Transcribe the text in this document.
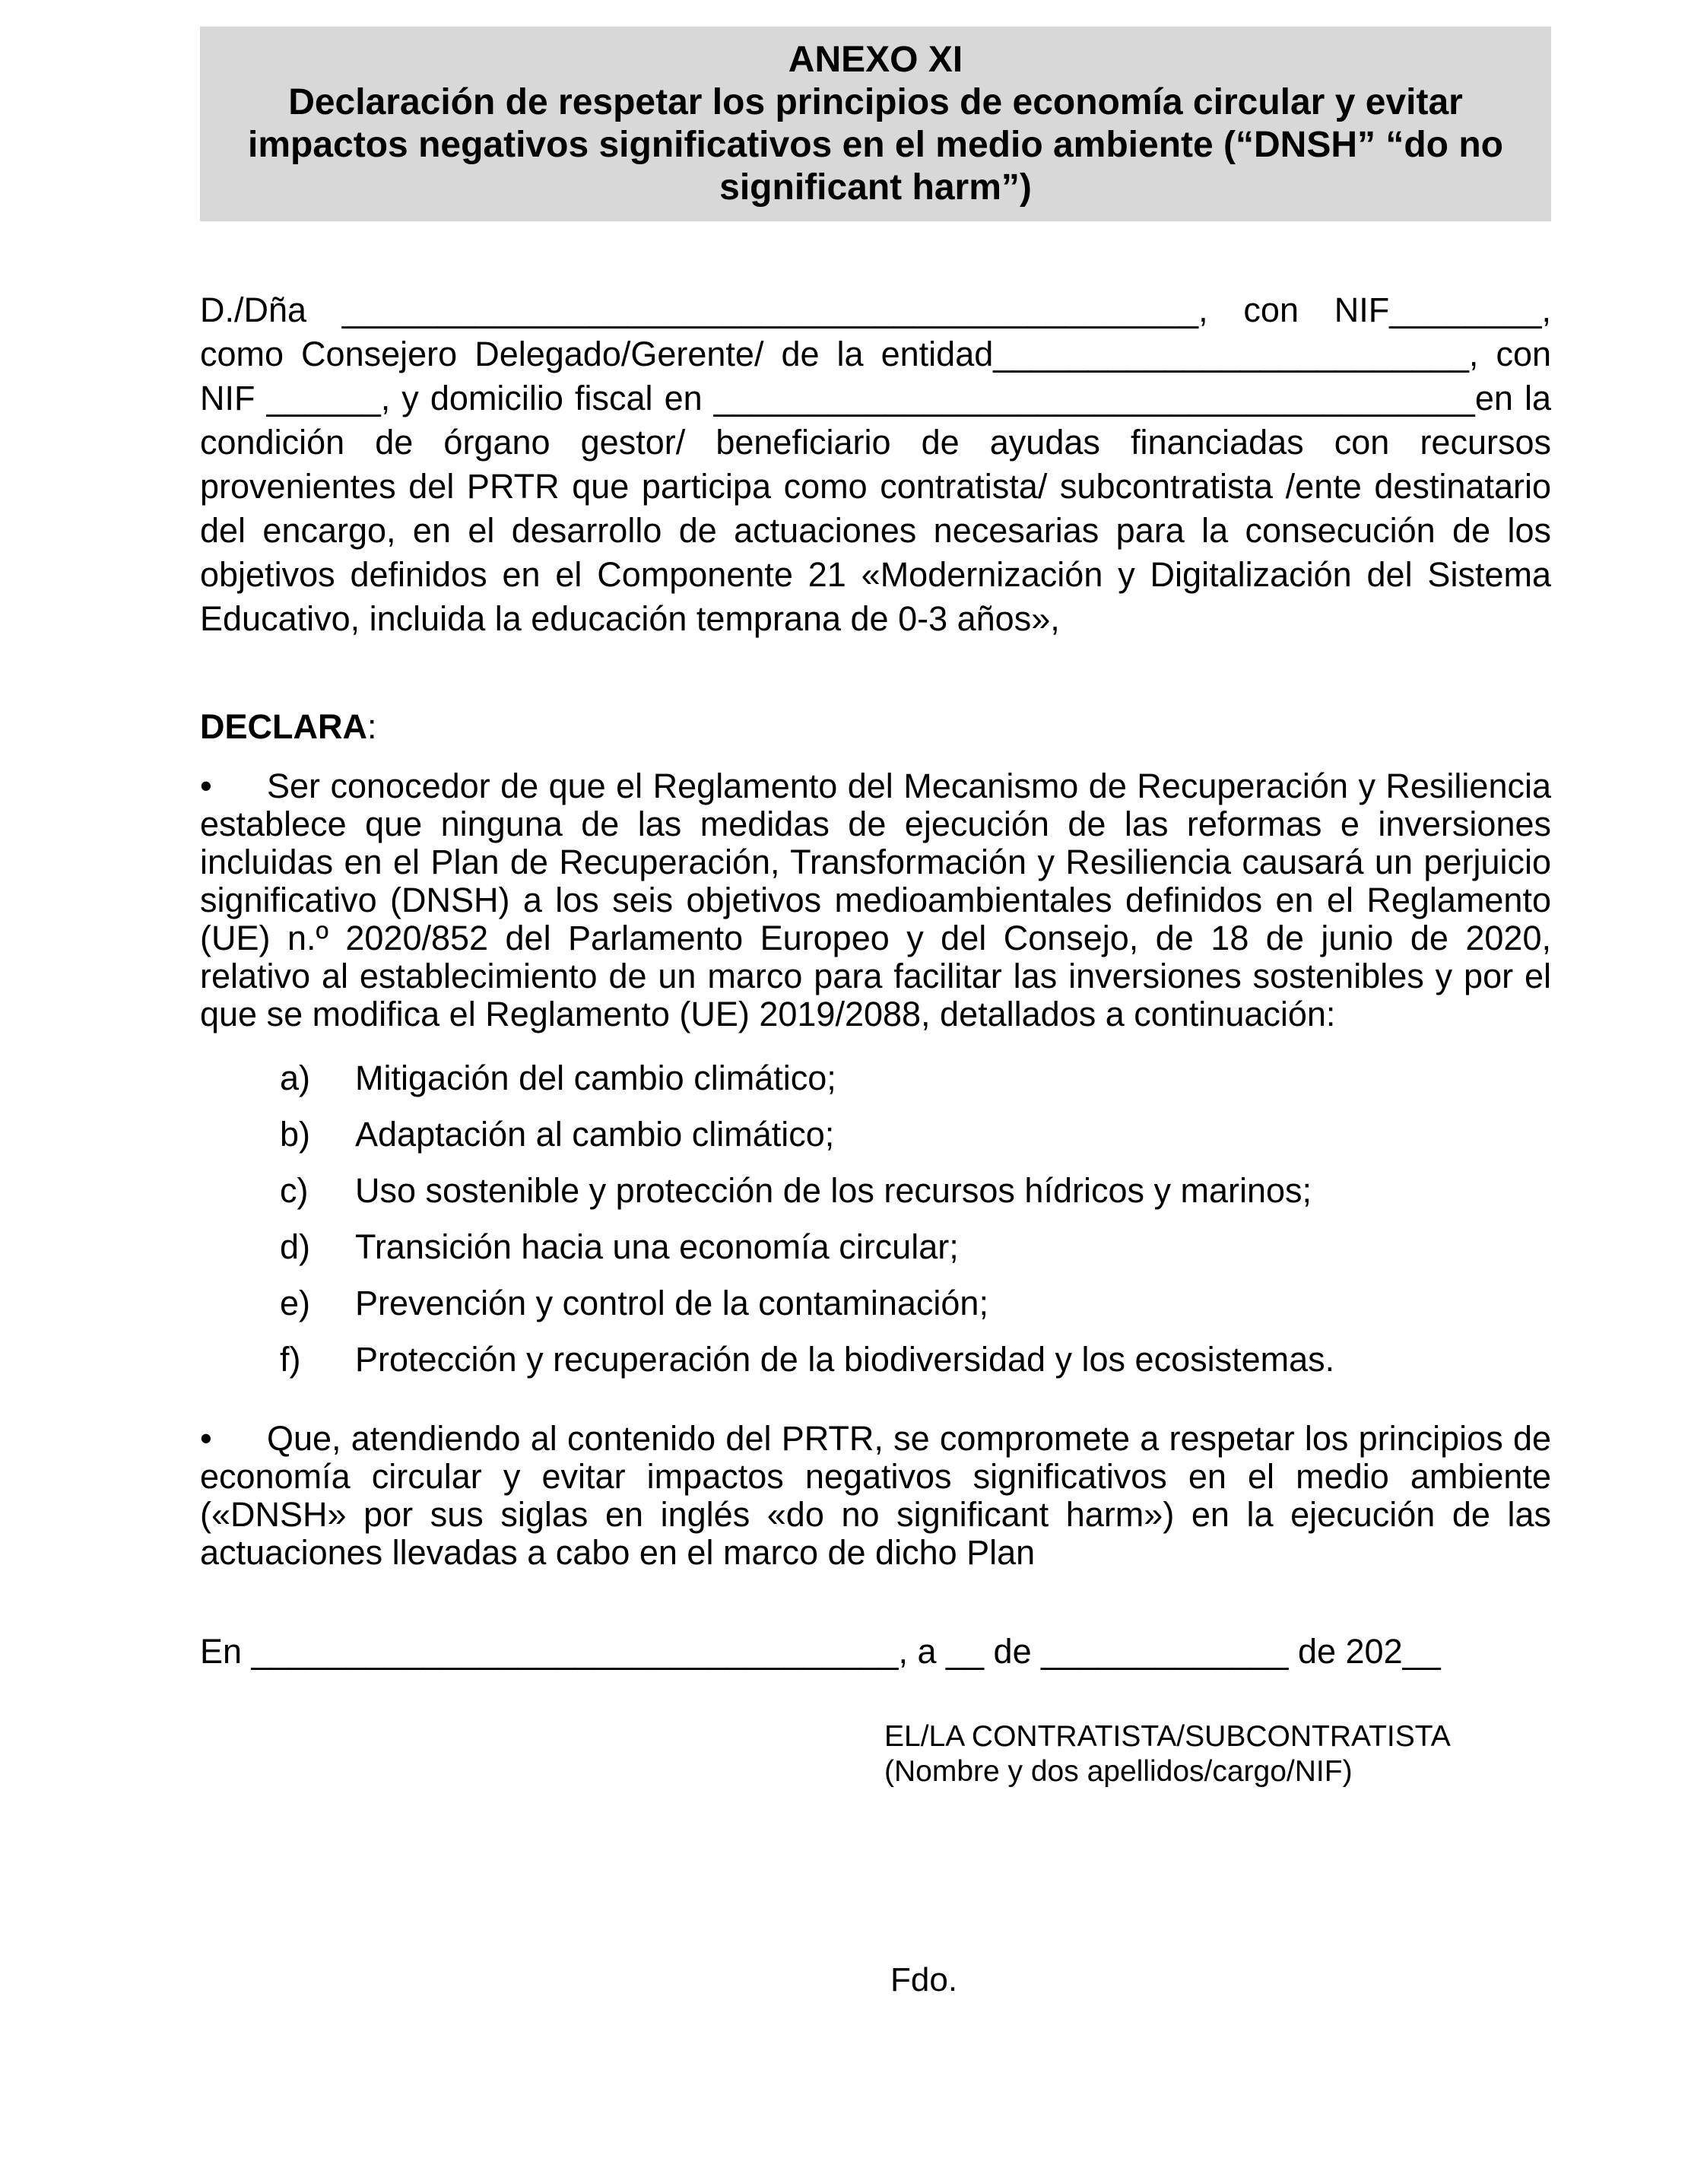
ANEXO XI
Declaración de respetar los principios de economía circular y evitar impactos negativos significativos en el medio ambiente (“DNSH” “do no significant harm”)

D./Dña _____________________________________________, con NIF________, como Consejero Delegado/Gerente/ de la entidad_________________________, con NIF ______, y domicilio fiscal en ________________________________________en la condición de órgano gestor/ beneficiario de ayudas financiadas con recursos provenientes del PRTR que participa como contratista/ subcontratista /ente destinatario del encargo, en el desarrollo de actuaciones necesarias para la consecución de los objetivos definidos en el Componente 21 «Modernización y Digitalización del Sistema Educativo, incluida la educación temprana de 0-3 años»,

DECLARA:
• Ser conocedor de que el Reglamento del Mecanismo de Recuperación y Resiliencia establece que ninguna de las medidas de ejecución de las reformas e inversiones incluidas en el Plan de Recuperación, Transformación y Resiliencia causará un perjuicio significativo (DNSH) a los seis objetivos medioambientales definidos en el Reglamento (UE) n.º 2020/852 del Parlamento Europeo y del Consejo, de 18 de junio de 2020, relativo al establecimiento de un marco para facilitar las inversiones sostenibles y por el que se modifica el Reglamento (UE) 2019/2088, detallados a continuación:
a) Mitigación del cambio climático;
b) Adaptación al cambio climático;
c) Uso sostenible y protección de los recursos hídricos y marinos;
d) Transición hacia una economía circular;
e) Prevención y control de la contaminación;
f) Protección y recuperación de la biodiversidad y los ecosistemas.
• Que, atendiendo al contenido del PRTR, se compromete a respetar los principios de economía circular y evitar impactos negativos significativos en el medio ambiente («DNSH» por sus siglas en inglés «do no significant harm») en la ejecución de las actuaciones llevadas a cabo en el marco de dicho Plan
En __________________________________, a __ de _____________ de 202__
EL/LA CONTRATISTA/SUBCONTRATISTA
(Nombre y dos apellidos/cargo/NIF)
Fdo.
